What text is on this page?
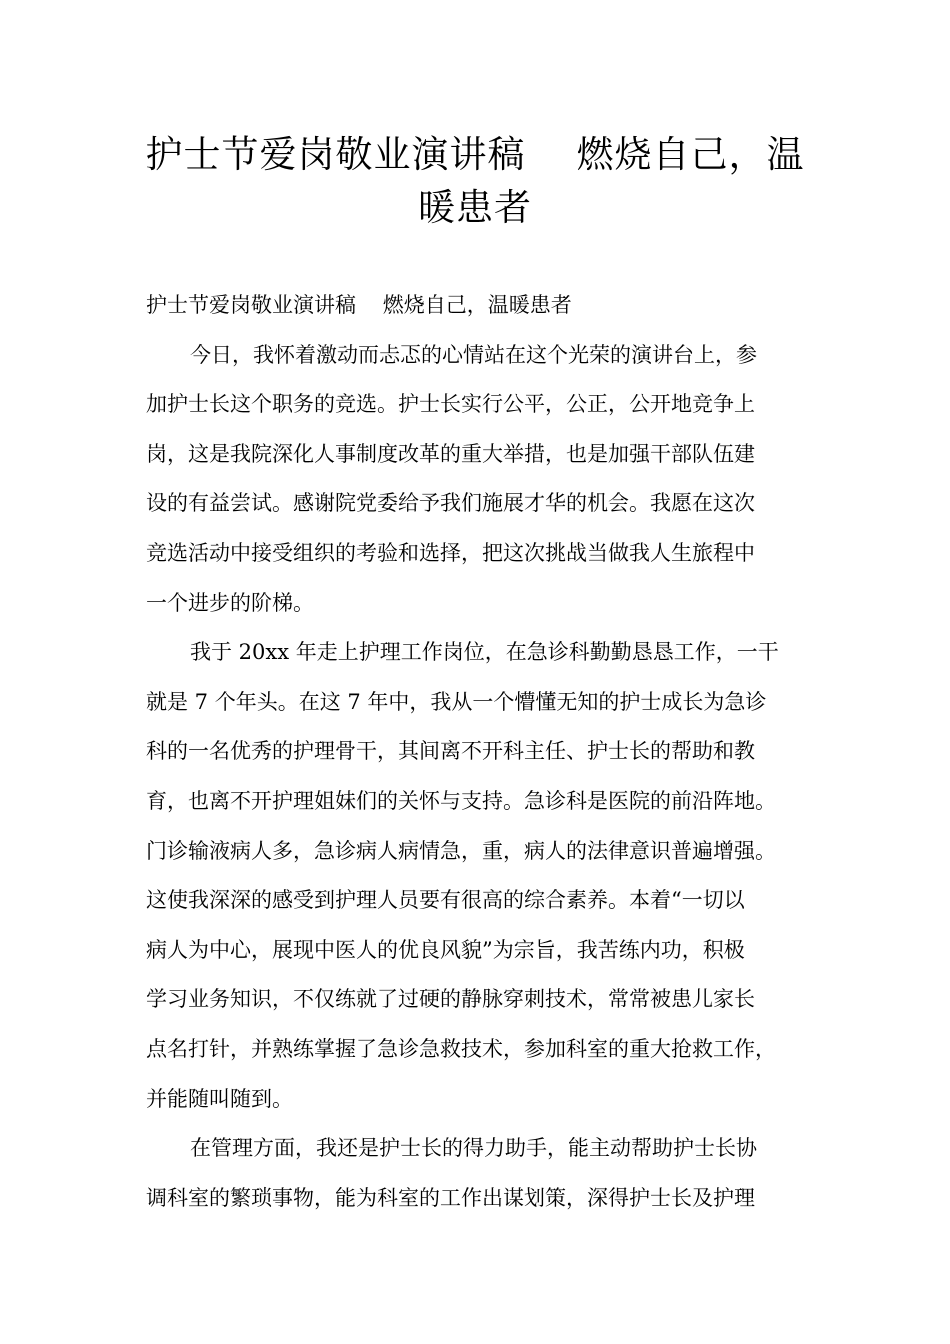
护士节爱岗敬业演讲稿    燃烧自己，温
暖患者
护士节爱岗敬业演讲稿    燃烧自己，温暖患者
今日，我怀着激动而忐忑的心情站在这个光荣的演讲台上，参
加护士长这个职务的竞选。护士长实行公平，公正，公开地竞争上
岗，这是我院深化人事制度改革的重大举措，也是加强干部队伍建
设的有益尝试。感谢院党委给予我们施展才华的机会。我愿在这次
竞选活动中接受组织的考验和选择，把这次挑战当做我人生旅程中
一个进步的阶梯。
我于 20xx 年走上护理工作岗位，在急诊科勤勤恳恳工作，一干
就是 7 个年头。在这 7 年中，我从一个懵懂无知的护士成长为急诊
科的一名优秀的护理骨干，其间离不开科主任、护士长的帮助和教
育，也离不开护理姐妹们的关怀与支持。急诊科是医院的前沿阵地。
门诊输液病人多，急诊病人病情急，重，病人的法律意识普遍增强。
这使我深深的感受到护理人员要有很高的综合素养。本着“一切以
病人为中心，展现中医人的优良风貌”为宗旨，我苦练内功，积极
学习业务知识，不仅练就了过硬的静脉穿刺技术，常常被患儿家长
点名打针，并熟练掌握了急诊急救技术，参加科室的重大抢救工作，
并能随叫随到。
在管理方面，我还是护士长的得力助手，能主动帮助护士长协
调科室的繁琐事物，能为科室的工作出谋划策，深得护士长及护理
